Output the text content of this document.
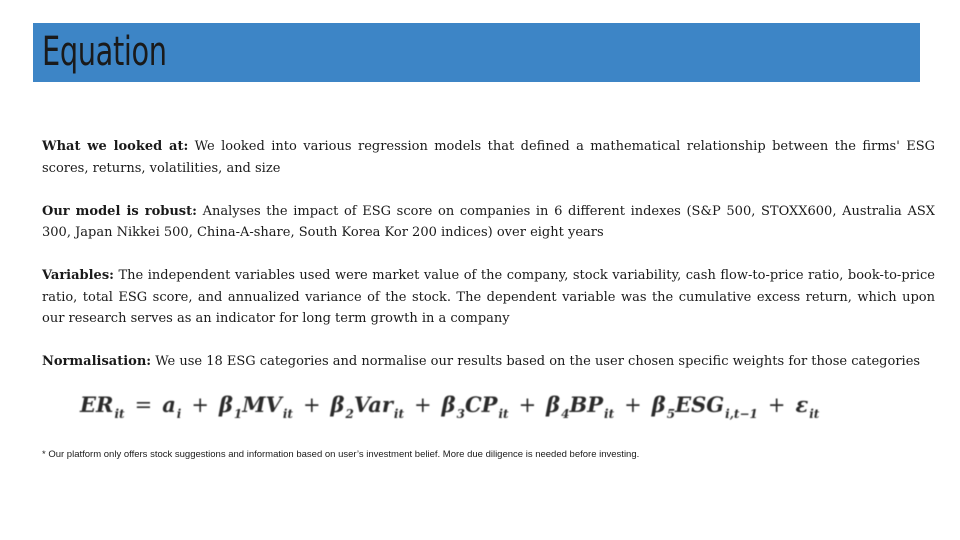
Equation

What we looked at: We looked into various regression models that defined a mathematical relationship between the firms' ESG scores, returns, volatilities, and size

Our model is robust: Analyses the impact of ESG score on companies in 6 different indexes (S&P 500, STOXX600, Australia ASX 300, Japan Nikkei 500, China-A-share, South Korea Kor 200 indices) over eight years

Variables: The independent variables used were market value of the company, stock variability, cash flow-to-price ratio, book-to-price ratio, total ESG score, and annualized variance of the stock. The dependent variable was the cumulative excess return, which upon our research serves as an indicator for long term growth in a company

Normalisation: We use 18 ESG categories and normalise our results based on the user chosen specific weights for those categories

$ER_{it} = a_i + \beta_1MV_{it} + \beta_2Var_{it} + \beta_3CP_{it} + \beta_4BP_{it} + \beta_5ESG_{i,t-1} + \varepsilon_{it}$
* Our platform only offers stock suggestions and information based on user’s investment belief. More due diligence is needed before investing.
